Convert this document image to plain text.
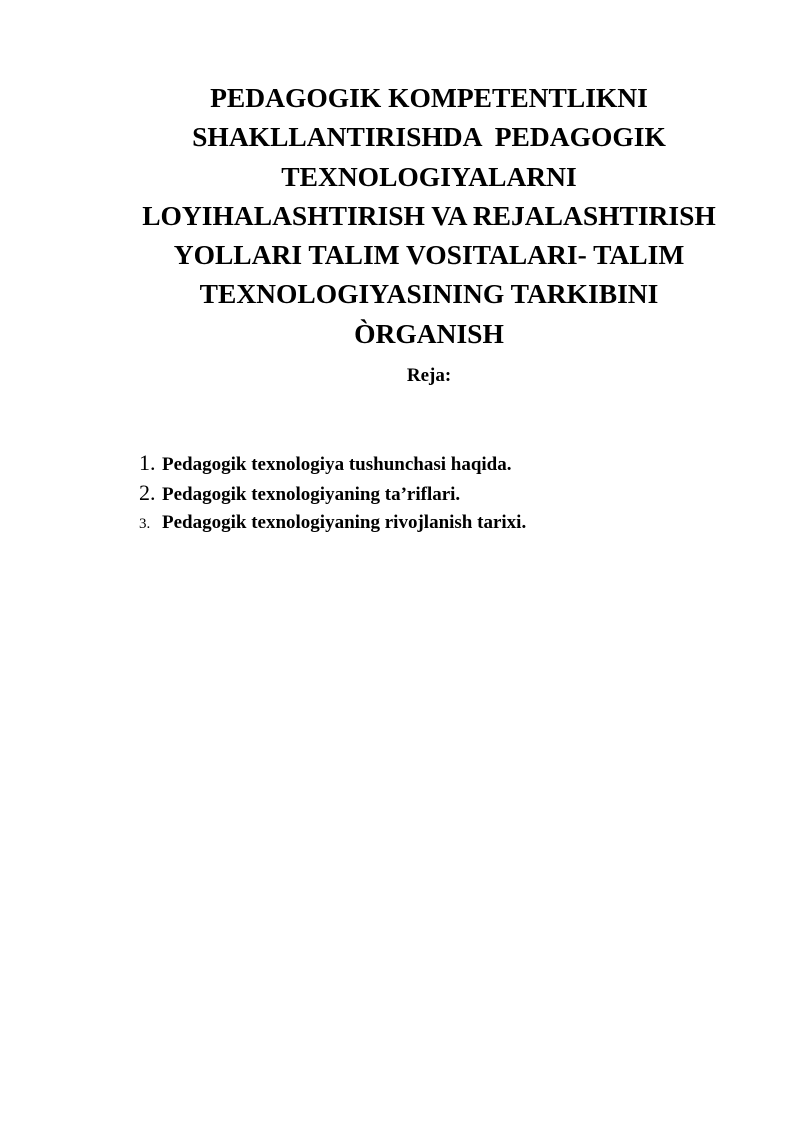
PEDAGOGIK KOMPETENTLIKNI
SHAKLLANTIRISHDA  PEDAGOGIK
TEXNOLOGIYALARNI
LOYIHALASHTIRISH VA REJALASHTIRISH
YOLLARI TALIM VOSITALARI- TALIM
TEXNOLOGIYASINING TARKIBINI
ÒRGANISH
Reja:
1. Pedagogik texnologiya tushunchasi haqida.
2. Pedagogik texnologiyaning ta’riflari.
3. Pedagogik texnologiyaning rivojlanish tarixi.
